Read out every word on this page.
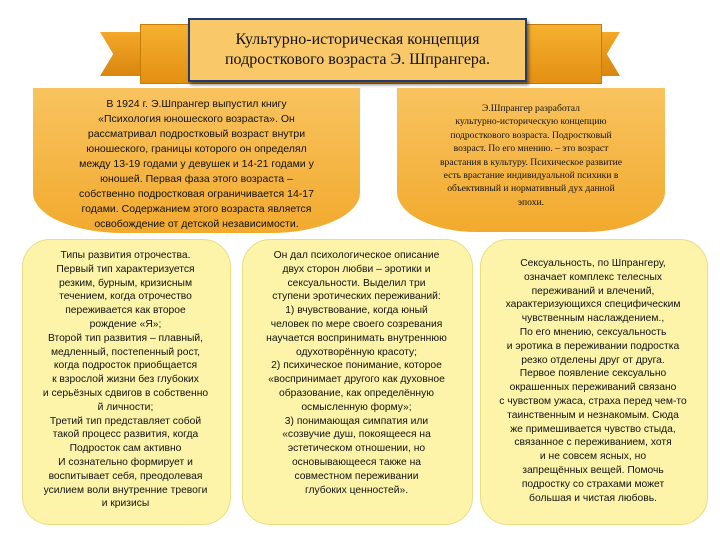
Культурно-историческая концепция
подросткового возраста Э. Шпрангера.

В 1924 г. Э.Шпрангер выпустил книгу
«Психология юношеского возраста». Он
рассматривал подростковый возраст внутри
юношеского, границы которого он определял
между 13-19 годами у девушек и 14-21 годами у
юношей. Первая фаза этого возраста –
собственно подростковая ограничивается 14-17
годами. Содержанием этого возраста является
освобождение от детской независимости.

Э.Шпрангер разработал
культурно-историческую концепцию
подросткового возраста. Подростковый
возраст. По его мнению. – это возраст
врастания в культуру. Психическое развитие
есть врастание индивидуальной психики в
объективный и нормативный дух данной
эпохи.

Типы развития отрочества.
Первый тип характеризуется
резким, бурным, кризисным
течением, когда отрочество
переживается как второе
рождение «Я»;
Второй тип развития – плавный,
медленный, постепенный рост,
когда подросток приобщается
к взрослой жизни без глубоких
и серьёзных сдвигов в собственно
й личности;
Третий тип представляет собой
такой процесс развития, когда
Подросток сам активно
И сознательно формирует и
воспитывает себя, преодолевая
усилием воли внутренние тревоги
и кризисы

Он дал психологическое описание
двух сторон любви – эротики и
сексуальности. Выделил три
ступени эротических переживаний:
1) вчувствование, когда юный
человек по мере своего созревания
научается воспринимать внутреннюю
одухотворённую красоту;
2) психическое понимание, которое
«воспринимает другого как духовное
образование, как определённую
осмысленную форму»;
3) понимающая симпатия или
«созвучие душ, покоящееся на
эстетическом отношении, но
основывающееся также на
совместном переживании
глубоких ценностей».

Сексуальность, по Шпрангеру,
означает комплекс телесных
переживаний и влечений,
характеризующихся специфическим
чувственным наслаждением.,
По его мнению, сексуальность
и эротика в переживании подростка
резко отделены друг от друга.
Первое появление сексуально
окрашенных переживаний связано
с чувством ужаса, страха перед чем-то
таинственным и незнакомым. Сюда
же примешивается чувство стыда,
связанное с переживанием, хотя
и не совсем ясных, но
запрещённых вещей. Помочь
подростку со страхами может
большая и чистая любовь.
